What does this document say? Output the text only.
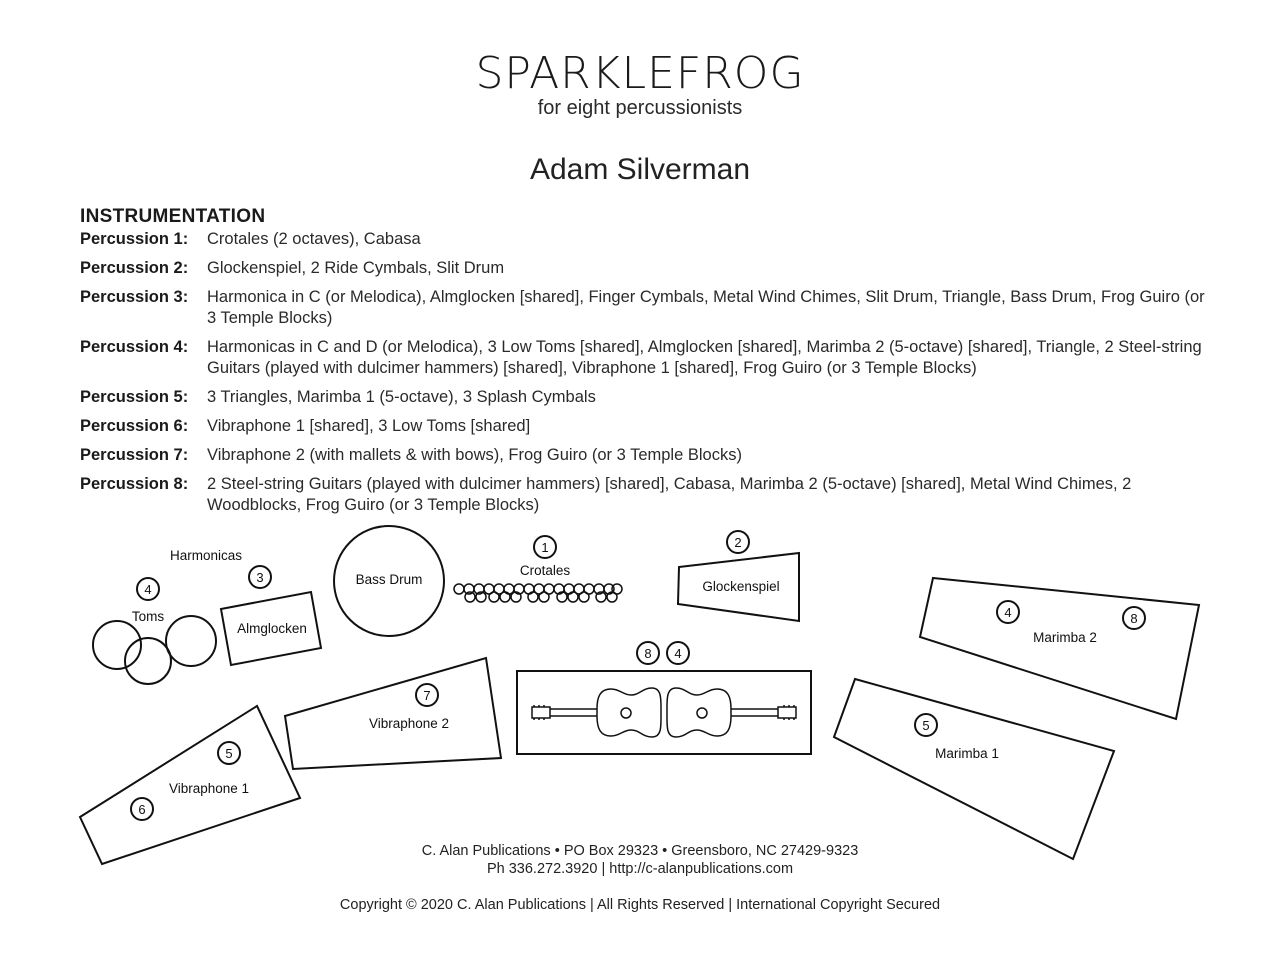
SPARKLEFROG
for eight percussionists
Adam Silverman
INSTRUMENTATION
Percussion 1:	Crotales (2 octaves), Cabasa
Percussion 2:	Glockenspiel, 2 Ride Cymbals, Slit Drum
Percussion 3:	Harmonica in C (or Melodica), Almglocken [shared], Finger Cymbals, Metal Wind Chimes, Slit Drum, Triangle, Bass Drum, Frog Guiro (or 3 Temple Blocks)
Percussion 4:	Harmonicas in C and D (or Melodica), 3 Low Toms [shared], Almglocken [shared], Marimba 2 (5-octave) [shared], Triangle, 2 Steel-string Guitars (played with dulcimer hammers) [shared], Vibraphone 1 [shared], Frog Guiro (or 3 Temple Blocks)
Percussion 5:	3 Triangles, Marimba 1 (5-octave), 3 Splash Cymbals
Percussion 6:	Vibraphone 1 [shared], 3 Low Toms [shared]
Percussion 7:	Vibraphone 2 (with mallets & with bows), Frog Guiro (or 3 Temple Blocks)
Percussion 8:	2 Steel-string Guitars (played with dulcimer hammers) [shared], Cabasa, Marimba 2 (5-octave) [shared], Metal Wind Chimes, 2 Woodblocks, Frog Guiro (or 3 Temple Blocks)
Harmonicas
4
Toms
3
Almglocken
Bass Drum
1
Crotales
2
Glockenspiel
8 4
4	8
Marimba 2
5
Marimba 1
7
Vibraphone 2
5
6
Vibraphone 1
C. Alan Publications • PO Box 29323 • Greensboro, NC 27429-9323
Ph 336.272.3920 | http://c-alanpublications.com
Copyright © 2020 C. Alan Publications | All Rights Reserved | International Copyright Secured
